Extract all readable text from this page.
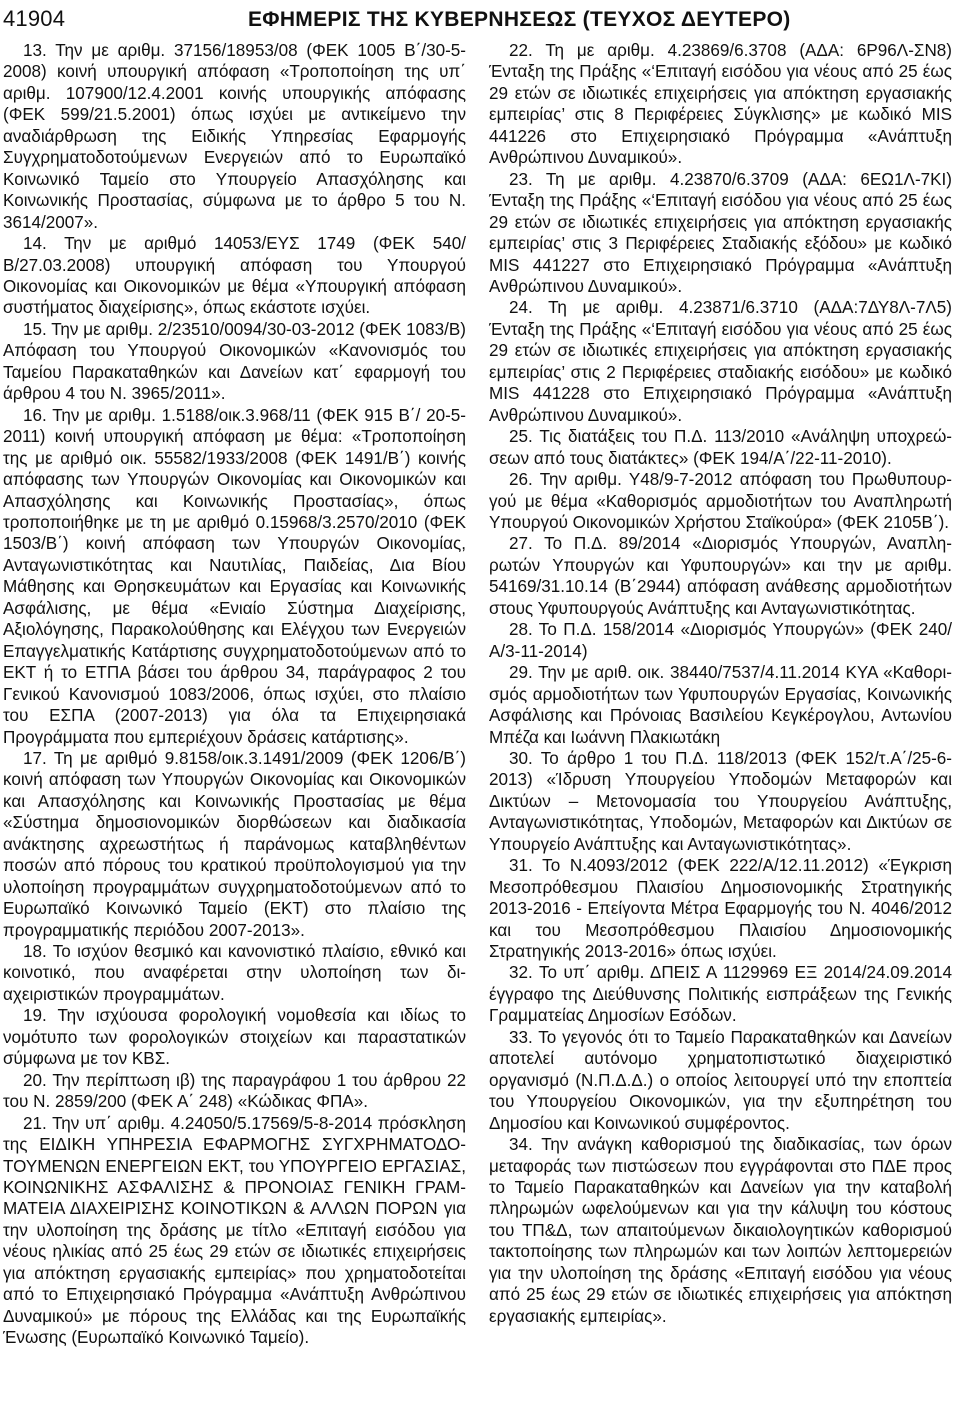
41904	ΕΦΗΜΕΡΙΣ ΤΗΣ ΚΥΒΕΡΝΗΣΕΩΣ (ΤΕΥΧΟΣ ΔΕΥΤΕΡΟ)

13. Την με αριθμ. 37156/18953/08 (ΦΕΚ 1005 Β΄/30-5-2008) κοινή υπουργική απόφαση «Τροποποίηση της υπ΄ αριθμ. 107900/12.4.2001 κοινής υπουργικής απόφασης (ΦΕΚ 599/21.5.2001) όπως ισχύει με αντικείμενο την αναδιάρθρωση της Ειδικής Υπηρεσίας Εφαρμογής Συγχρηματοδοτούμενων Ενεργειών από το Ευρωπαϊκό Κοινωνικό Ταμείο στο Υπουργείο Απασχόλησης και Κοινωνικής Προστασίας, σύμφωνα με το άρθρο 5 του Ν. 3614/2007».

14. Την με αριθμό 14053/ΕΥΣ 1749 (ΦΕΚ 540/Β/27.03.2008) υπουργική απόφαση του Υπουργού Οικονομίας και Οικονομικών με θέμα «Υπουργική απόφαση συστήματος διαχείρισης», όπως εκάστοτε ισχύει.

15. Την με αριθμ. 2/23510/0094/30-03-2012 (ΦΕΚ 1083/Β) Απόφαση του Υπουργού Οικονομικών «Κανονισμός του Ταμείου Παρακαταθηκών και Δανείων κατ΄ εφαρμογή του άρθρου 4 του Ν. 3965/2011».

16. Την με αριθμ. 1.5188/οικ.3.968/11 (ΦΕΚ 915 Β΄/ 20-5-2011) κοινή υπουργική απόφαση με θέμα: «Τροποποίηση της με αριθμό οικ. 55582/1933/2008 (ΦΕΚ 1491/Β΄) κοινής απόφασης των Υπουργών Οικονομίας και Οικονομικών και Απασχόλησης και Κοινωνικής Προστασίας», όπως τροποποιήθηκε με τη με αριθμό 0.15968/3.2570/2010 (ΦΕΚ 1503/Β΄) κοινή απόφαση των Υπουργών Οικονομίας, Ανταγωνιστικότητας και Ναυτιλίας, Παιδείας, Δια Βίου Μάθησης και Θρησκευμάτων και Εργασίας και Κοινωνικής Ασφάλισης, με θέμα «Ενιαίο Σύστημα Διαχείρισης, Αξιολόγησης, Παρακολούθησης και Ελέγχου των Ενεργειών Επαγγελματικής Κατάρτισης συγχρηματοδοτούμενων από το ΕΚΤ ή το ΕΤΠΑ βάσει του άρθρου 34, παράγραφος 2 του Γενικού Κανονισμού 1083/2006, όπως ισχύει, στο πλαίσιο του ΕΣΠΑ (2007-2013) για όλα τα Επιχειρησιακά Προγράμματα που εμπεριέχουν δράσεις κατάρτισης».

17. Τη με αριθμό 9.8158/οικ.3.1491/2009 (ΦΕΚ 1206/Β΄) κοινή απόφαση των Υπουργών Οικονομίας και Οικονομικών και Απασχόλησης και Κοινωνικής Προστασίας με θέμα «Σύστημα δημοσιονομικών διορθώσεων και διαδικασία ανάκτησης αχρεωστήτως ή παράνομως καταβληθέντων ποσών από πόρους του κρατικού προϋπολογισμού για την υλοποίηση προγραμμάτων συγχρηματοδοτούμενων από το Ευρωπαϊκό Κοινωνικό Ταμείο (ΕΚΤ) στο πλαίσιο της προγραμματικής περιόδου 2007-2013».

18. Το ισχύον θεσμικό και κανονιστικό πλαίσιο, εθνικό και κοινοτικό, που αναφέρεται στην υλοποίηση των διαχειριστικών προγραμμάτων.

19. Την ισχύουσα φορολογική νομοθεσία και ιδίως το νομότυπο των φορολογικών στοιχείων και παραστατικών σύμφωνα με τον ΚΒΣ.

20. Την περίπτωση ιβ) της παραγράφου 1 του άρθρου 22 του Ν. 2859/200 (ΦΕΚ Α΄ 248) «Κώδικας ΦΠΑ».

21. Την υπ΄ αριθμ. 4.24050/5.17569/5-8-2014 πρόσκληση της ΕΙΔΙΚΗ ΥΠΗΡΕΣΙΑ ΕΦΑΡΜΟΓΗΣ ΣΥΓΧΡΗΜΑΤΟΔΟΤΟΥΜΕΝΩΝ ΕΝΕΡΓΕΙΩΝ ΕΚΤ, του ΥΠΟΥΡΓΕΙΟ ΕΡΓΑΣΙΑΣ, ΚΟΙΝΩΝΙΚΗΣ ΑΣΦΑΛΙΣΗΣ & ΠΡΟΝΟΙΑΣ ΓΕΝΙΚΗ ΓΡΑΜΜΑΤΕΙΑ ΔΙΑΧΕΙΡΙΣΗΣ ΚΟΙΝΟΤΙΚΩΝ & ΑΛΛΩΝ ΠΟΡΩΝ για την υλοποίηση της δράσης με τίτλο «Επιταγή εισόδου για νέους ηλικίας από 25 έως 29 ετών σε ιδιωτικές επιχειρήσεις για απόκτηση εργασιακής εμπειρίας» που χρηματοδοτείται από το Επιχειρησιακό Πρόγραμμα «Ανάπτυξη Ανθρώπινου Δυναμικού» με πόρους της Ελλάδας και της Ευρωπαϊκής Ένωσης (Ευρωπαϊκό Κοινωνικό Ταμείο).

22. Τη με αριθμ. 4.23869/6.3708 (ΑΔΑ: 6Ρ96Λ-ΣΝ8) Ένταξη της Πράξης «‘Επιταγή εισόδου για νέους από 25 έως 29 ετών σε ιδιωτικές επιχειρήσεις για απόκτηση εργασιακής εμπειρίας’ στις 8 Περιφέρειες Σύγκλισης» με κωδικό MIS 441226 στο Επιχειρησιακό Πρόγραμμα «Ανάπτυξη Ανθρώπινου Δυναμικού».

23. Τη με αριθμ. 4.23870/6.3709 (ΑΔΑ: 6ΕΩ1Λ-7ΚΙ) Ένταξη της Πράξης «‘Επιταγή εισόδου για νέους από 25 έως 29 ετών σε ιδιωτικές επιχειρήσεις για απόκτηση εργασιακής εμπειρίας’ στις 3 Περιφέρειες Σταδιακής εξόδου» με κωδικό MIS 441227 στο Επιχειρησιακό Πρόγραμμα «Ανάπτυξη Ανθρώπινου Δυναμικού».

24. Τη με αριθμ. 4.23871/6.3710 (ΑΔΑ:7ΔΥ8Λ-7Λ5) Ένταξη της Πράξης «‘Επιταγή εισόδου για νέους από 25 έως 29 ετών σε ιδιωτικές επιχειρήσεις για απόκτηση εργασιακής εμπειρίας’ στις 2 Περιφέρειες σταδιακής εισόδου» με κωδικό MIS 441228 στο Επιχειρησιακό Πρόγραμμα «Ανάπτυξη Ανθρώπινου Δυναμικού».

25. Τις διατάξεις του Π.Δ. 113/2010 «Ανάληψη υποχρεώσεων από τους διατάκτες» (ΦΕΚ 194/Α΄/22-11-2010).

26. Την αριθμ. Υ48/9-7-2012 απόφαση του Πρωθυπουργού με θέμα «Καθορισμός αρμοδιοτήτων του Αναπληρωτή Υπουργού Οικονομικών Χρήστου Σταϊκούρα» (ΦΕΚ 2105Β΄).

27. Το Π.Δ. 89/2014 «Διορισμός Υπουργών, Αναπληρωτών Υπουργών και Υφυπουργών» και την με αριθμ. 54169/31.10.14 (Β΄2944) απόφαση ανάθεσης αρμοδιοτήτων στους Υφυπουργούς Ανάπτυξης και Ανταγωνιστικότητας.

28. Το Π.Δ. 158/2014 «Διορισμός Υπουργών» (ΦΕΚ 240/ Α/3-11-2014)

29. Την με αριθ. οικ. 38440/7537/4.11.2014 ΚΥΑ «Καθορισμός αρμοδιοτήτων των Υφυπουργών Εργασίας, Κοινωνικής Ασφάλισης και Πρόνοιας Βασιλείου Κεγκέρογλου, Αντωνίου Μπέζα και Ιωάννη Πλακιωτάκη

30. Το άρθρο 1 του Π.Δ. 118/2013 (ΦΕΚ 152/τ.Α΄/25-6-2013) «Ίδρυση Υπουργείου Υποδομών Μεταφορών και Δικτύων – Μετονομασία του Υπουργείου Ανάπτυξης, Ανταγωνιστικότητας, Υποδομών, Μεταφορών και Δικτύων σε Υπουργείο Ανάπτυξης και Ανταγωνιστικότητας».

31. Το Ν.4093/2012 (ΦΕΚ 222/Α/12.11.2012) «Έγκριση Μεσοπρόθεσμου Πλαισίου Δημοσιονομικής Στρατηγικής 2013-2016 - Επείγοντα Μέτρα Εφαρμογής του Ν. 4046/2012 και του Μεσοπρόθεσμου Πλαισίου Δημοσιονομικής Στρατηγικής 2013-2016» όπως ισχύει.

32. Το υπ΄ αριθμ. ΔΠΕΙΣ Α 1129969 ΕΞ 2014/24.09.2014 έγγραφο της Διεύθυνσης Πολιτικής εισπράξεων της Γενικής Γραμματείας Δημοσίων Εσόδων.

33. Το γεγονός ότι το Ταμείο Παρακαταθηκών και Δανείων αποτελεί αυτόνομο χρηματοπιστωτικό διαχειριστικό οργανισμό (Ν.Π.Δ.Δ.) ο οποίος λειτουργεί υπό την εποπτεία του Υπουργείου Οικονομικών, για την εξυπηρέτηση του Δημοσίου και Κοινωνικού συμφέροντος.

34. Την ανάγκη καθορισμού της διαδικασίας, των όρων μεταφοράς των πιστώσεων που εγγράφονται στο ΠΔΕ προς το Ταμείο Παρακαταθηκών και Δανείων για την καταβολή πληρωμών ωφελούμενων και για την κάλυψη του κόστους του ΤΠ&Δ, των απαιτούμενων δικαιολογητικών καθορισμού τακτοποίησης των πληρωμών και των λοιπών λεπτομερειών για την υλοποίηση της δράσης «Επιταγή εισόδου για νέους από 25 έως 29 ετών σε ιδιωτικές επιχειρήσεις για απόκτηση εργασιακής εμπειρίας».
